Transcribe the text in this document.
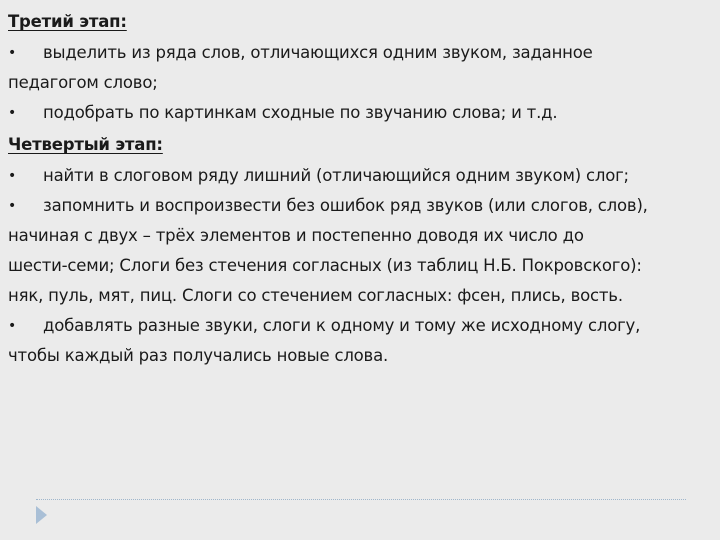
Третий этап:

•	выделить из ряда слов, отличающихся одним звуком, заданное

педагогом слово;

•	подобрать по картинкам сходные по звучанию слова; и т.д.

Четвертый этап:

•	найти в слоговом ряду лишний (отличающийся одним звуком) слог;
•	запомнить и воспроизвести без ошибок ряд звуков (или слогов, слов),

начиная с двух – трёх элементов и постепенно доводя их число до

шести-семи; Слоги без стечения согласных (из таблиц Н.Б. Покровского):

няк, пуль, мят, пиц. Слоги со стечением согласных: фсен, плись, вость.

•	добавлять разные звуки, слоги к одному и тому же исходному слогу,

чтобы каждый раз получались новые слова.
